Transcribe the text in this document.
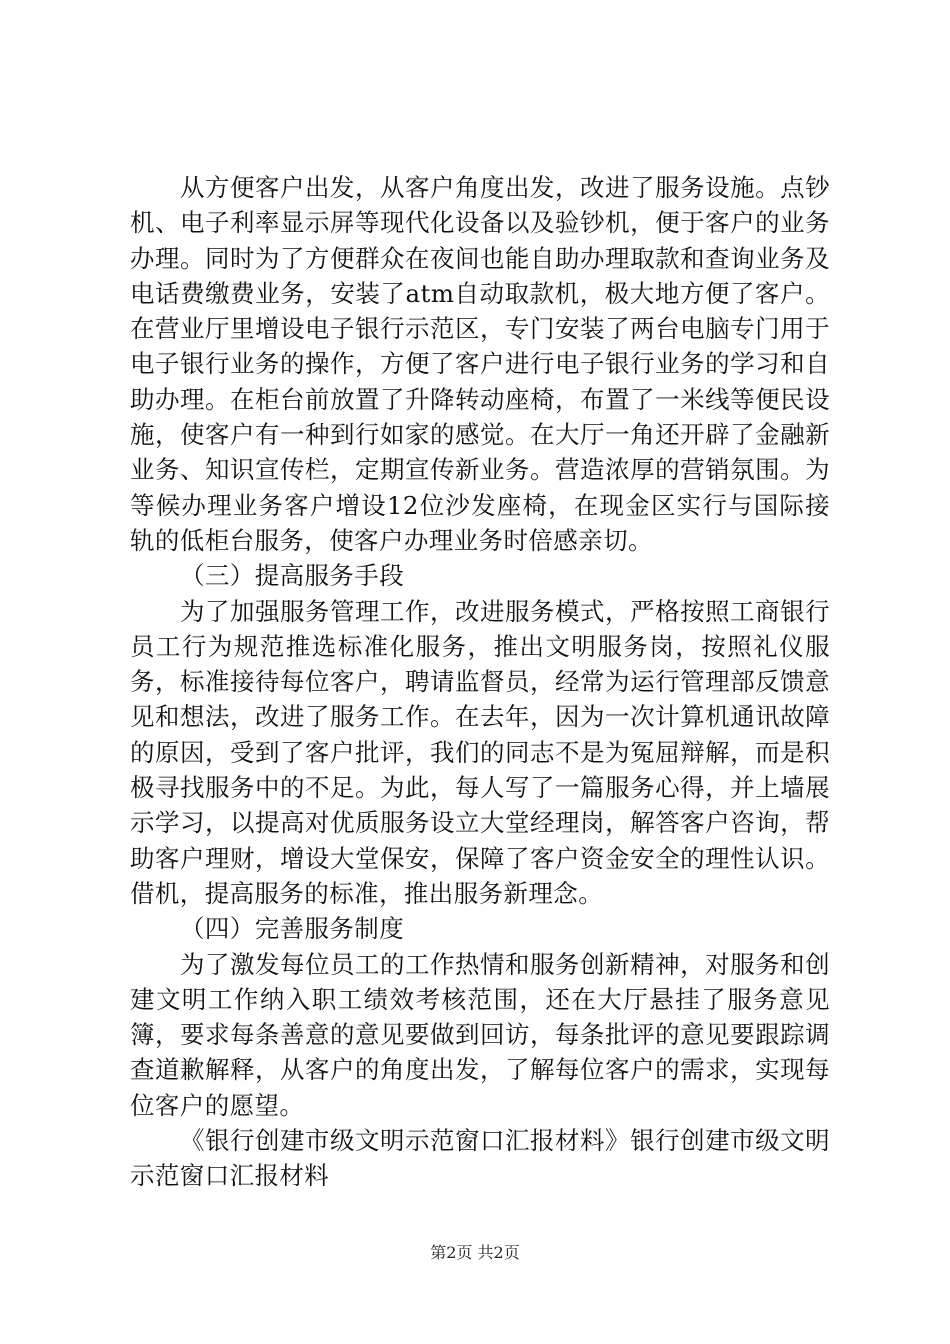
从方便客户出发，从客户角度出发，改进了服务设施。点钞机、电子利率显示屏等现代化设备以及验钞机，便于客户的业务办理。同时为了方便群众在夜间也能自助办理取款和查询业务及电话费缴费业务，安装了atm自动取款机，极大地方便了客户。在营业厅里增设电子银行示范区，专门安装了两台电脑专门用于电子银行业务的操作，方便了客户进行电子银行业务的学习和自助办理。在柜台前放置了升降转动座椅，布置了一米线等便民设施，使客户有一种到行如家的感觉。在大厅一角还开辟了金融新业务、知识宣传栏，定期宣传新业务。营造浓厚的营销氛围。为等候办理业务客户增设12位沙发座椅，在现金区实行与国际接轨的低柜台服务，使客户办理业务时倍感亲切。

（三）提高服务手段

为了加强服务管理工作，改进服务模式，严格按照工商银行员工行为规范推选标准化服务，推出文明服务岗，按照礼仪服务，标准接待每位客户，聘请监督员，经常为运行管理部反馈意见和想法，改进了服务工作。在去年，因为一次计算机通讯故障的原因，受到了客户批评，我们的同志不是为冤屈辩解，而是积极寻找服务中的不足。为此，每人写了一篇服务心得，并上墙展示学习，以提高对优质服务设立大堂经理岗，解答客户咨询，帮助客户理财，增设大堂保安，保障了客户资金安全的理性认识。借机，提高服务的标准，推出服务新理念。

（四）完善服务制度

为了激发每位员工的工作热情和服务创新精神，对服务和创建文明工作纳入职工绩效考核范围，还在大厅悬挂了服务意见簿，要求每条善意的意见要做到回访，每条批评的意见要跟踪调查道歉解释，从客户的角度出发，了解每位客户的需求，实现每位客户的愿望。

《银行创建市级文明示范窗口汇报材料》银行创建市级文明示范窗口汇报材料

第2页 共2页
